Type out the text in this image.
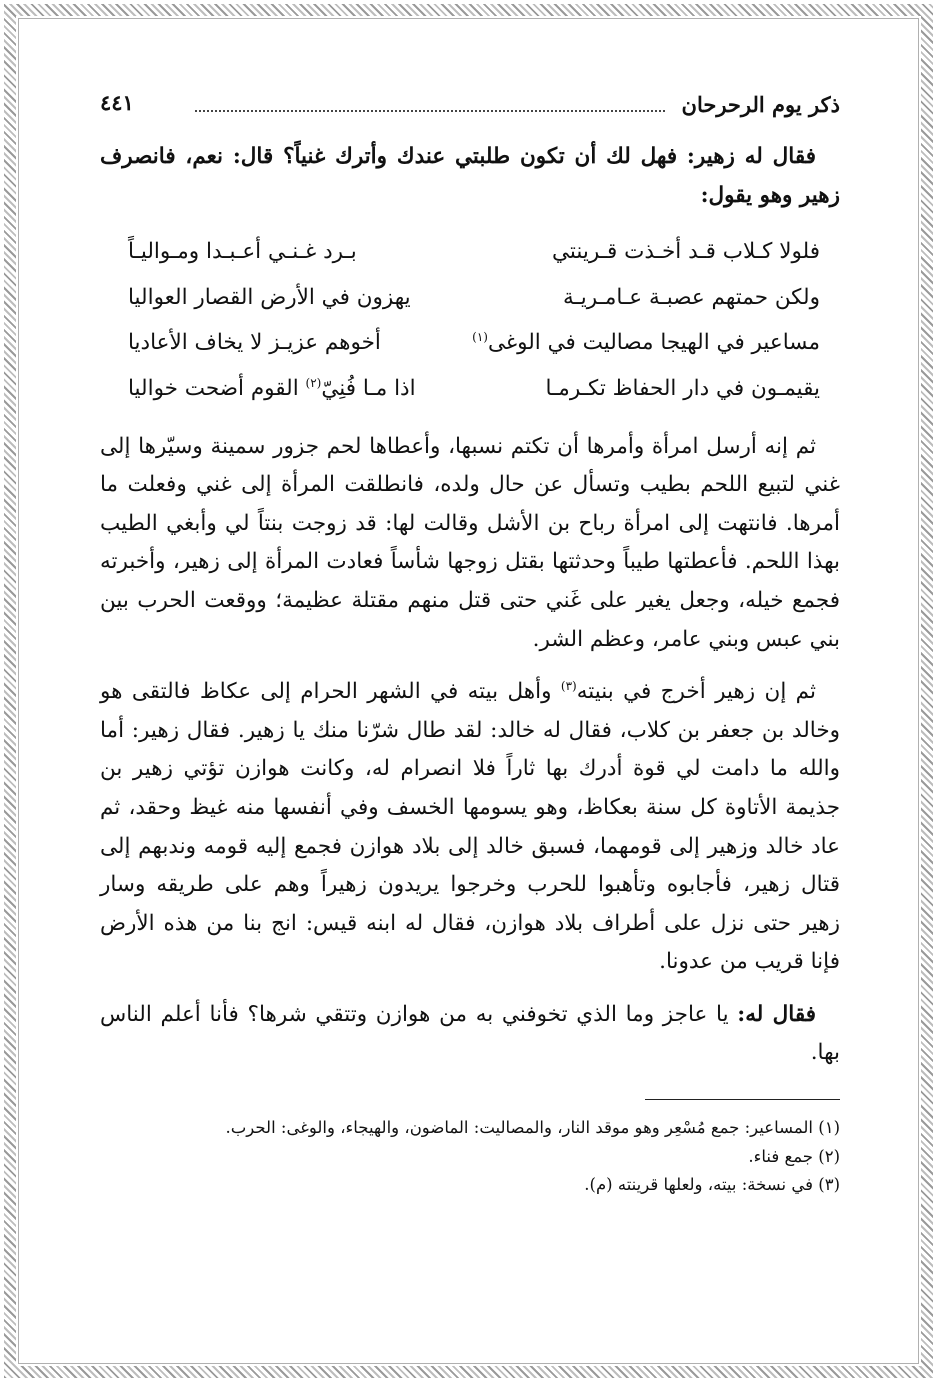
ذكر يوم الرحرحان
٤٤١

فقال له زهير: فهل لك أن تكون طلبتي عندك وأترك غنياً؟ قال: نعم، فانصرف زهير وهو يقول:

فلولا كـلاب قـد أخـذت قـرينتي
بـرد غـنـي أعـبـدا ومـواليـاً
ولكن حمتهم عصبـة عـامـريـة
يهزون في الأرض القصار العواليا
مساعير في الهيجا مصاليت في الوغى$^{(١)}$
أخوهم عزيـز لا يخاف الأعاديا
يقيمـون في دار الحفاظ تكـرمـا
اذا مـا فُنِيّ$^{(٢)}$ القوم أضحت خواليا

ثم إنه أرسل امرأة وأمرها أن تكتم نسبها، وأعطاها لحم جزور سمينة وسيّرها إلى غني لتبيع اللحم بطيب وتسأل عن حال ولده، فانطلقت المرأة إلى غني وفعلت ما أمرها. فانتهت إلى امرأة رباح بن الأشل وقالت لها: قد زوجت بنتاً لي وأبغي الطيب بهذا اللحم. فأعطتها طيباً وحدثتها بقتل زوجها شأساً فعادت المرأة إلى زهير، وأخبرته فجمع خيله، وجعل يغير على غَني حتى قتل منهم مقتلة عظيمة؛ ووقعت الحرب بين بني عبس وبني عامر، وعظم الشر.

ثم إن زهير أخرج في بنيته$^{(٣)}$ وأهل بيته في الشهر الحرام إلى عكاظ فالتقى هو وخالد بن جعفر بن كلاب، فقال له خالد: لقد طال شرّنا منك يا زهير. فقال زهير: أما والله ما دامت لي قوة أدرك بها ثاراً فلا انصرام له، وكانت هوازن تؤتي زهير بن جذيمة الأتاوة كل سنة بعكاظ، وهو يسومها الخسف وفي أنفسها منه غيظ وحقد، ثم عاد خالد وزهير إلى قومهما، فسبق خالد إلى بلاد هوازن فجمع إليه قومه وندبهم إلى قتال زهير، فأجابوه وتأهبوا للحرب وخرجوا يريدون زهيراً وهم على طريقه وسار زهير حتى نزل على أطراف بلاد هوازن، فقال له ابنه قيس: انج بنا من هذه الأرض فإنا قريب من عدونا.

فقال له: يا عاجز وما الذي تخوفني به من هوازن وتتقي شرها؟ فأنا أعلم الناس بها.

(١) المساعير: جمع مُسْعِر وهو موقد النار، والمصاليت: الماضون، والهيجاء، والوغى: الحرب.

(٢) جمع فناء.

(٣) في نسخة: بيته، ولعلها قرينته (م).
